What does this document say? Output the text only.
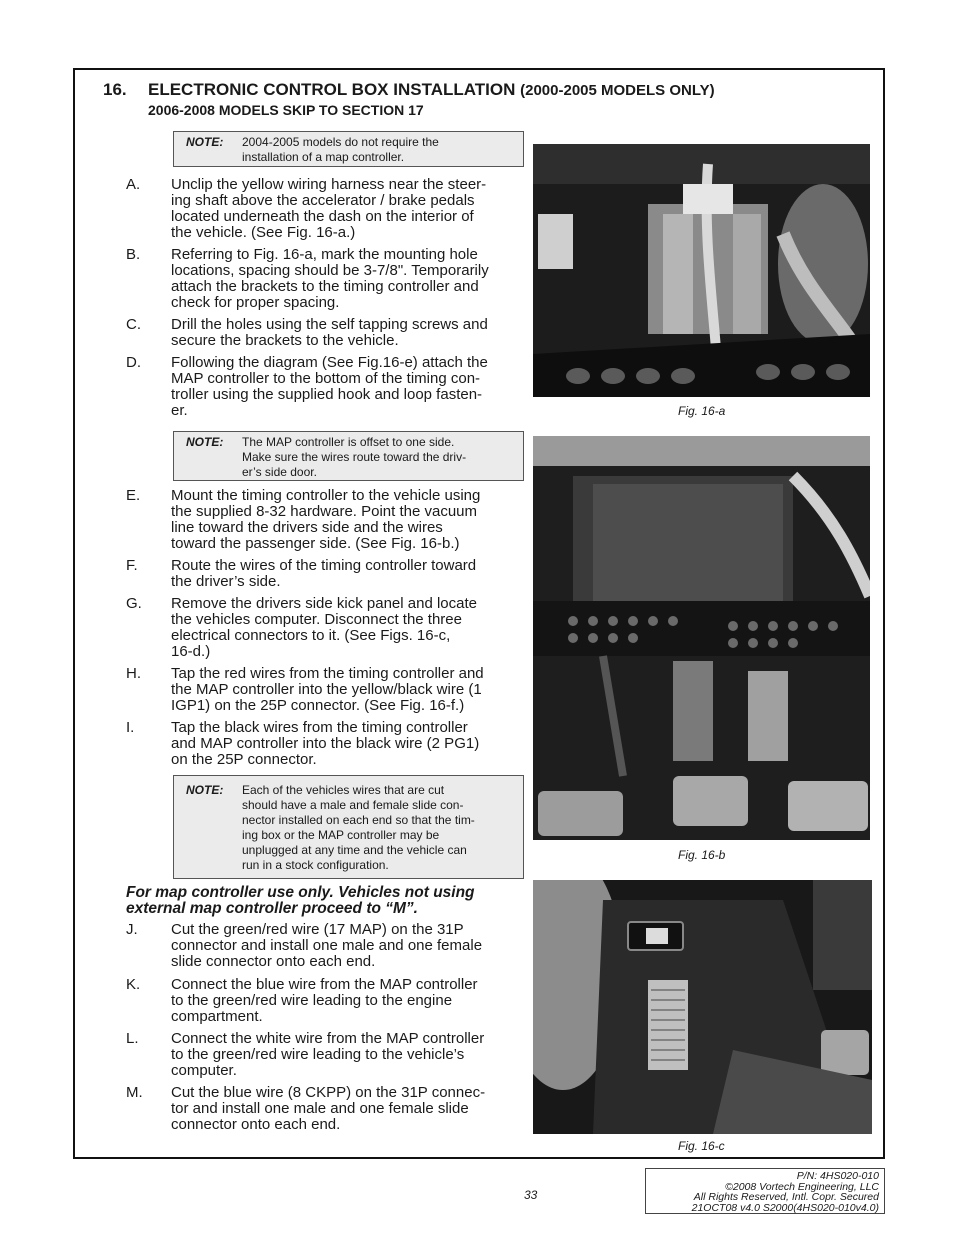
16. ELECTRONIC CONTROL BOX INSTALLATION (2000-2005 MODELS ONLY)
2006-2008 MODELS SKIP TO SECTION 17
NOTE: 2004-2005 models do not require the
installation of a map controller.
A. Unclip the yellow wiring harness near the steer-
ing shaft above the accelerator / brake pedals
located underneath the dash on the interior of
the vehicle. (See Fig. 16-a.)
B. Referring to Fig. 16-a, mark the mounting hole
locations, spacing should be 3-7/8". Temporarily
attach the brackets to the timing controller and
check for proper spacing.
C. Drill the holes using the self tapping screws and
secure the brackets to the vehicle.
D. Following the diagram (See Fig.16-e) attach the
MAP controller to the bottom of the timing con-
troller using the supplied hook and loop fasten-
er.
NOTE: The MAP controller is offset to one side.
Make sure the wires route toward the driv-
er’s side door.
E. Mount the timing controller to the vehicle using
the supplied 8-32 hardware. Point the vacuum
line toward the drivers side and the wires
toward the passenger side. (See Fig. 16-b.)
F. Route the wires of the timing controller toward
the driver’s side.
G. Remove the drivers side kick panel and locate
the vehicles computer. Disconnect the three
electrical connectors to it. (See Figs. 16-c,
16-d.)
H. Tap the red wires from the timing controller and
the MAP controller into the yellow/black wire (1
IGP1) on the 25P connector. (See Fig. 16-f.)
I. Tap the black wires from the timing controller
and MAP controller into the black wire (2 PG1)
on the 25P connector.
NOTE: Each of the vehicles wires that are cut
should have a male and female slide con-
nector installed on each end so that the tim-
ing box or the MAP controller may be
unplugged at any time and the vehicle can
run in a stock configuration.
For map controller use only. Vehicles not using
external map controller proceed to “M”.
J. Cut the green/red wire (17 MAP) on the 31P
connector and install one male and one female
slide connector onto each end.
K. Connect the blue wire from the MAP controller
to the green/red wire leading to the engine
compartment.
L. Connect the white wire from the MAP controller
to the green/red wire leading to the vehicle’s
computer.
M. Cut the blue wire (8 CKPP) on the 31P connec-
tor and install one male and one female slide
connector onto each end.
Fig. 16-a
Fig. 16-b
Fig. 16-c
33
P/N: 4HS020-010
©2008 Vortech Engineering, LLC
All Rights Reserved, Intl. Copr. Secured
21OCT08 v4.0 S2000(4HS020-010v4.0)
